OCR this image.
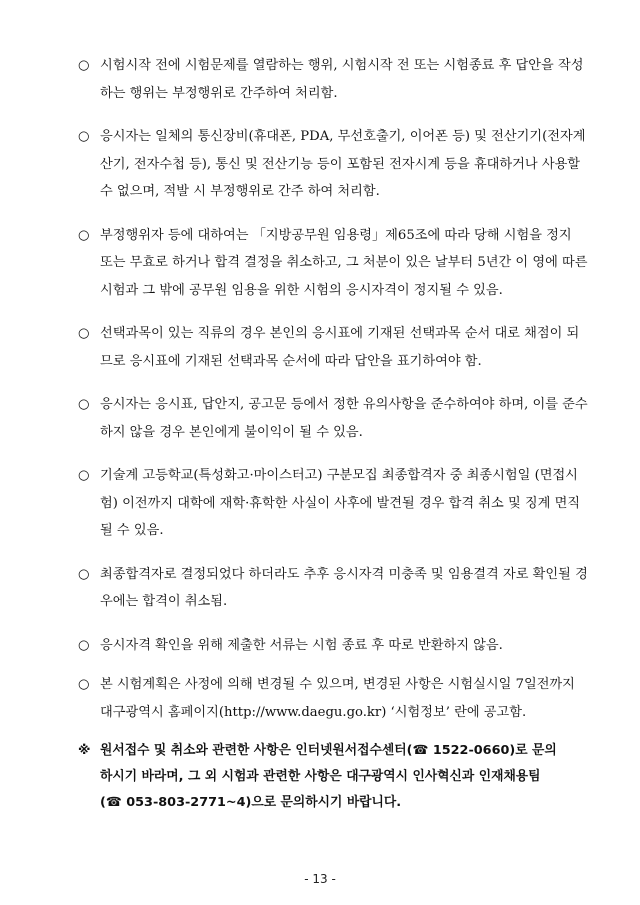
○ 시험시작 전에 시험문제를 열람하는 행위, 시험시작 전 또는 시험종료 후 답안을 작성하는 행위는 부정행위로 간주하여 처리함.
○ 응시자는 일체의 통신장비(휴대폰, PDA, 무선호출기, 이어폰 등) 및 전산기기(전자계산기, 전자수첩 등), 통신 및 전산기능 등이 포함된 전자시계 등을 휴대하거나 사용할 수 없으며, 적발 시 부정행위로 간주 하여 처리함.
○ 부정행위자 등에 대하여는 「지방공무원 임용령」제65조에 따라 당해 시험을 정지 또는 무효로 하거나 합격 결정을 취소하고, 그 처분이 있은 날부터 5년간 이 영에 따른 시험과 그 밖에 공무원 임용을 위한 시험의 응시자격이 정지될 수 있음.
○ 선택과목이 있는 직류의 경우 본인의 응시표에 기재된 선택과목 순서 대로 채점이 되므로 응시표에 기재된 선택과목 순서에 따라 답안을 표기하여야 함.
○ 응시자는 응시표, 답안지, 공고문 등에서 정한 유의사항을 준수하여야 하며, 이를 준수하지 않을 경우 본인에게 불이익이 될 수 있음.
○ 기술계 고등학교(특성화고·마이스터고) 구분모집 최종합격자 중 최종시험일 (면접시험) 이전까지 대학에 재학·휴학한 사실이 사후에 발견될 경우 합격 취소 및 징계 면직될 수 있음.
○ 최종합격자로 결정되었다 하더라도 추후 응시자격 미충족 및 임용결격 자로 확인될 경우에는 합격이 취소됨.
○ 응시자격 확인을 위해 제출한 서류는 시험 종료 후 따로 반환하지 않음.
○ 본 시험계획은 사정에 의해 변경될 수 있으며, 변경된 사항은 시험실시일 7일전까지 대구광역시 홈페이지(http://www.daegu.go.kr) ‘시험정보’ 란에 공고함.
※ 원서접수 및 취소와 관련한 사항은 인터넷원서접수센터(☎ 1522-0660)로 문의
하시기 바라며, 그 외 시험과 관련한 사항은 대구광역시 인사혁신과 인재채용팀
(☎ 053-803-2771~4)으로 문의하시기 바랍니다.
- 13 -
